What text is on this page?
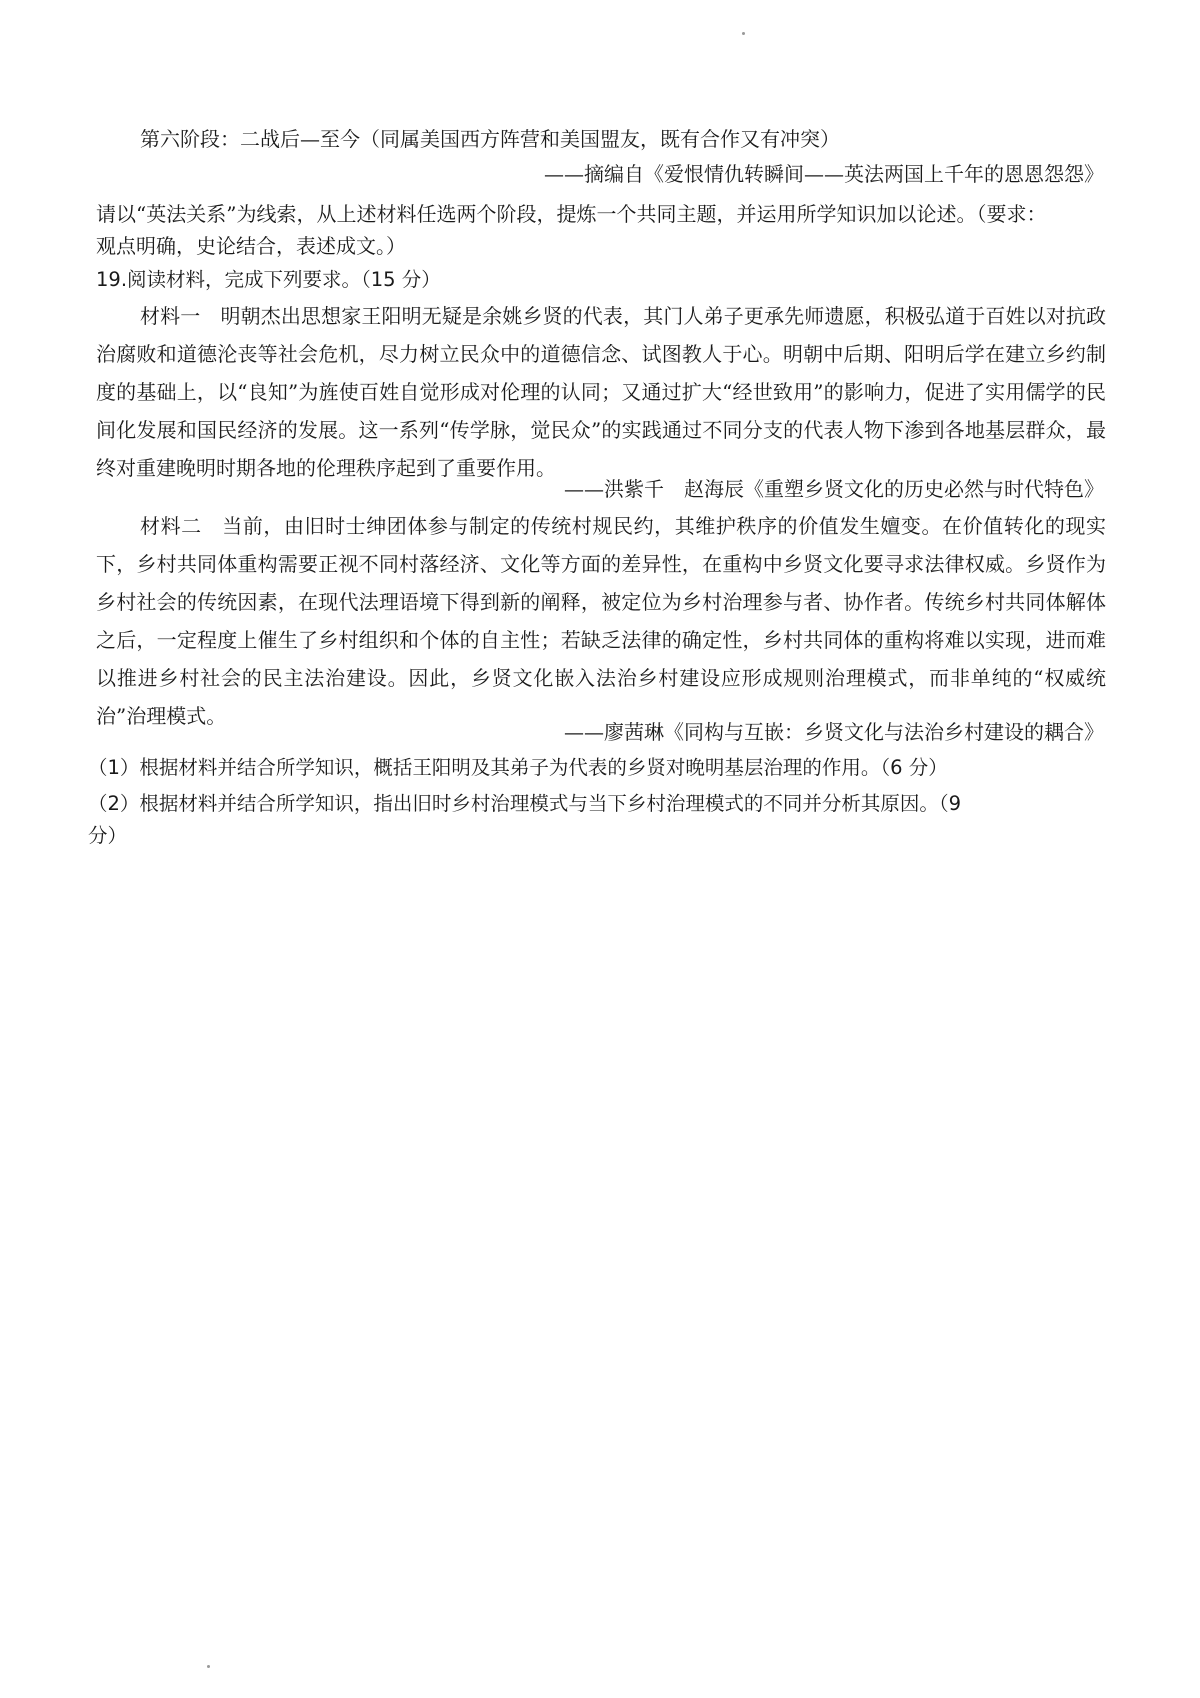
第六阶段：二战后—至今（同属美国西方阵营和美国盟友，既有合作又有冲突）
——摘编自《爱恨情仇转瞬间——英法两国上千年的恩恩怨怨》
请以“英法关系”为线索，从上述材料任选两个阶段，提炼一个共同主题，并运用所学知识加以论述。（要求：
观点明确，史论结合，表述成文。）
19.阅读材料，完成下列要求。（15 分）
材料一　明朝杰出思想家王阳明无疑是余姚乡贤的代表，其门人弟子更承先师遗愿，积极弘道于百姓以对抗政治腐败和道德沦丧等社会危机，尽力树立民众中的道德信念、试图教人于心。明朝中后期、阳明后学在建立乡约制度的基础上，以“良知”为旌使百姓自觉形成对伦理的认同；又通过扩大“经世致用”的影响力，促进了实用儒学的民间化发展和国民经济的发展。这一系列“传学脉，觉民众”的实践通过不同分支的代表人物下渗到各地基层群众，最终对重建晚明时期各地的伦理秩序起到了重要作用。
——洪紫千　赵海辰《重塑乡贤文化的历史必然与时代特色》
材料二　当前，由旧时士绅团体参与制定的传统村规民约，其维护秩序的价值发生嬗变。在价值转化的现实下，乡村共同体重构需要正视不同村落经济、文化等方面的差异性，在重构中乡贤文化要寻求法律权威。乡贤作为乡村社会的传统因素，在现代法理语境下得到新的阐释，被定位为乡村治理参与者、协作者。传统乡村共同体解体之后，一定程度上催生了乡村组织和个体的自主性；若缺乏法律的确定性，乡村共同体的重构将难以实现，进而难以推进乡村社会的民主法治建设。因此，乡贤文化嵌入法治乡村建设应形成规则治理模式，而非单纯的“权威统治”治理模式。
——廖茜琳《同构与互嵌：乡贤文化与法治乡村建设的耦合》
（1）根据材料并结合所学知识，概括王阳明及其弟子为代表的乡贤对晚明基层治理的作用。（6 分）
（2）根据材料并结合所学知识，指出旧时乡村治理模式与当下乡村治理模式的不同并分析其原因。（9
分）
